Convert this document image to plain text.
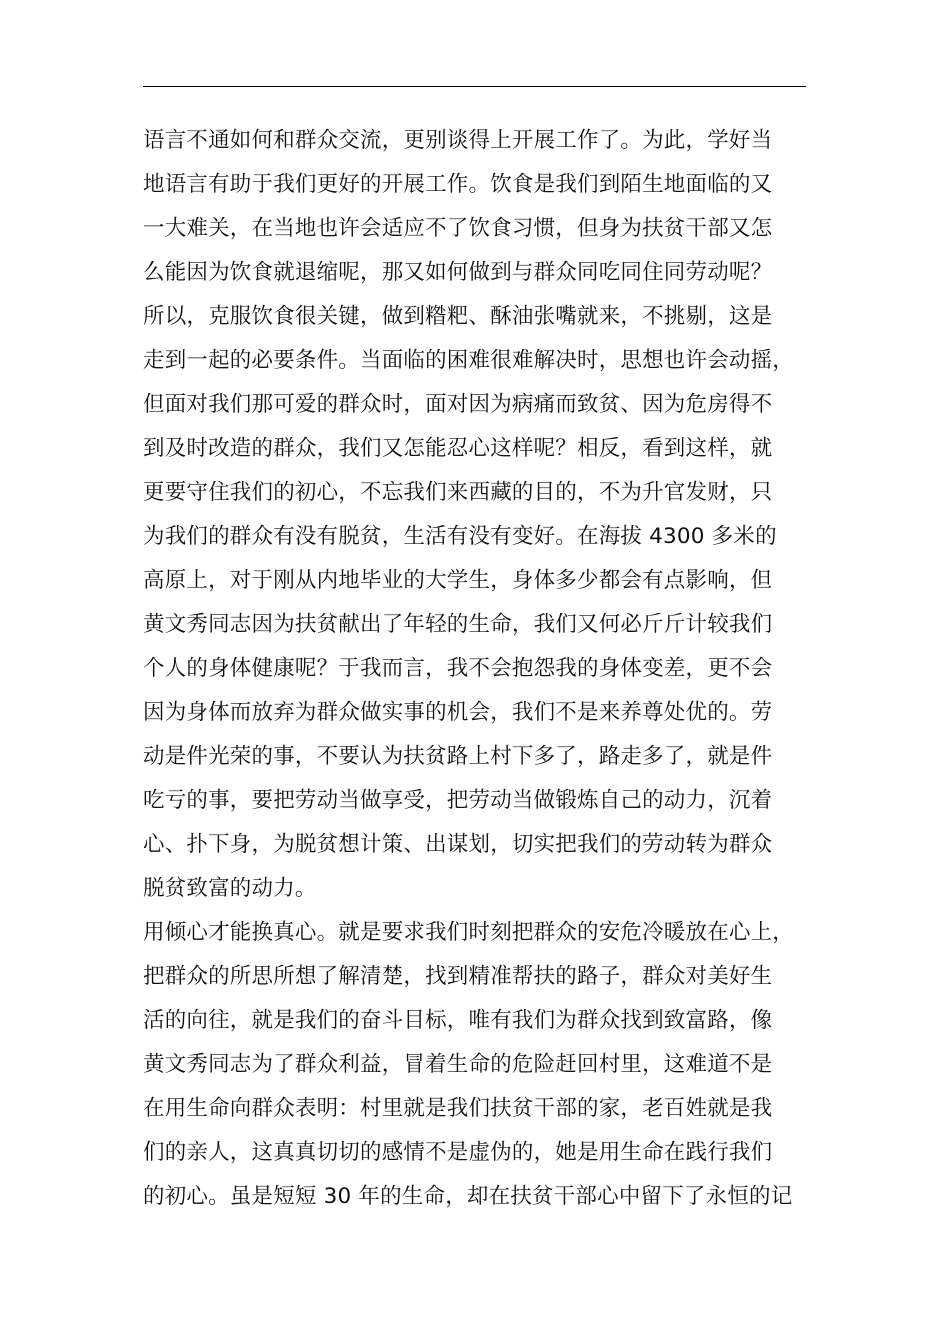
语言不通如何和群众交流，更别谈得上开展工作了。为此，学好当
地语言有助于我们更好的开展工作。饮食是我们到陌生地面临的又
一大难关，在当地也许会适应不了饮食习惯，但身为扶贫干部又怎
么能因为饮食就退缩呢，那又如何做到与群众同吃同住同劳动呢？
所以，克服饮食很关键，做到糌粑、酥油张嘴就来，不挑剔，这是
走到一起的必要条件。当面临的困难很难解决时，思想也许会动摇，
但面对我们那可爱的群众时，面对因为病痛而致贫、因为危房得不
到及时改造的群众，我们又怎能忍心这样呢？相反，看到这样，就
更要守住我们的初心，不忘我们来西藏的目的，不为升官发财，只
为我们的群众有没有脱贫，生活有没有变好。在海拔 4300 多米的
高原上，对于刚从内地毕业的大学生，身体多少都会有点影响，但
黄文秀同志因为扶贫献出了年轻的生命，我们又何必斤斤计较我们
个人的身体健康呢？于我而言，我不会抱怨我的身体变差，更不会
因为身体而放弃为群众做实事的机会，我们不是来养尊处优的。劳
动是件光荣的事，不要认为扶贫路上村下多了，路走多了，就是件
吃亏的事，要把劳动当做享受，把劳动当做锻炼自己的动力，沉着
心、扑下身，为脱贫想计策、出谋划，切实把我们的劳动转为群众
脱贫致富的动力。
用倾心才能换真心。就是要求我们时刻把群众的安危冷暖放在心上，
把群众的所思所想了解清楚，找到精准帮扶的路子，群众对美好生
活的向往，就是我们的奋斗目标，唯有我们为群众找到致富路，像
黄文秀同志为了群众利益，冒着生命的危险赶回村里，这难道不是
在用生命向群众表明：村里就是我们扶贫干部的家，老百姓就是我
们的亲人，这真真切切的感情不是虚伪的，她是用生命在践行我们
的初心。虽是短短 30 年的生命，却在扶贫干部心中留下了永恒的记
